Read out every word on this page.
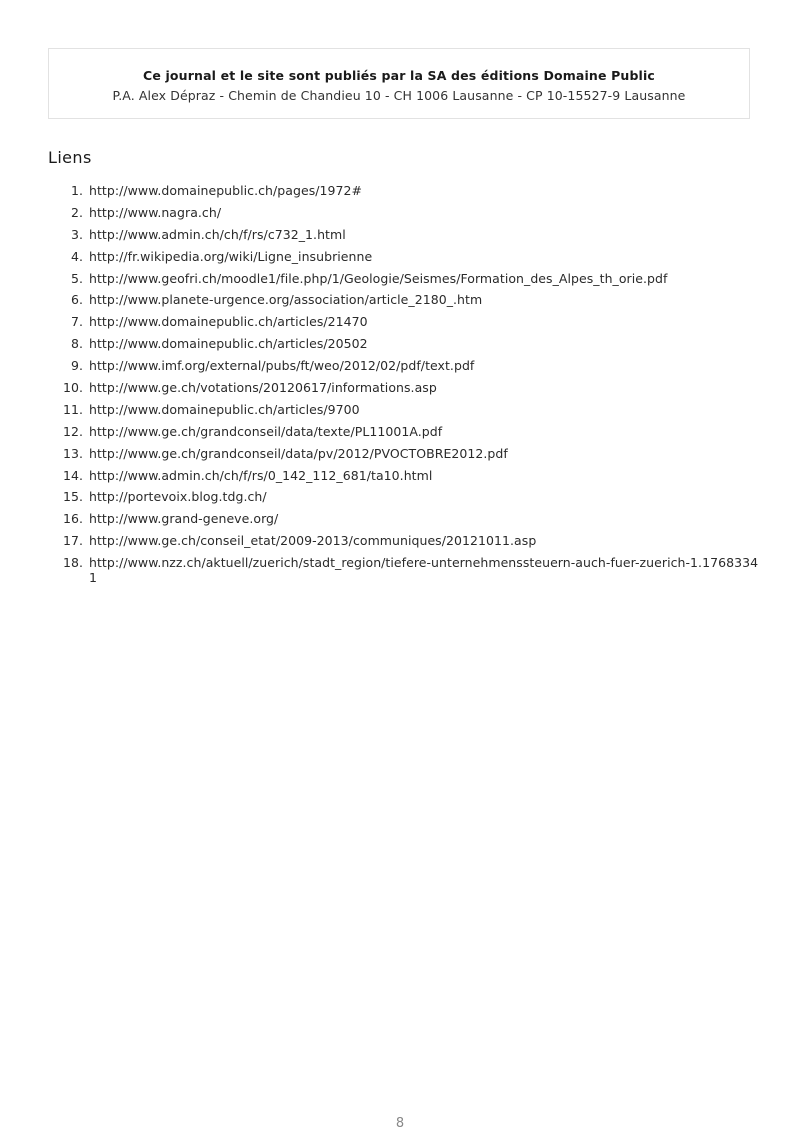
Ce journal et le site sont publiés par la SA des éditions Domaine Public
P.A. Alex Dépraz - Chemin de Chandieu 10 - CH 1006 Lausanne - CP 10-15527-9 Lausanne
Liens
1. http://www.domainepublic.ch/pages/1972#
2. http://www.nagra.ch/
3. http://www.admin.ch/ch/f/rs/c732_1.html
4. http://fr.wikipedia.org/wiki/Ligne_insubrienne
5. http://www.geofri.ch/moodle1/file.php/1/Geologie/Seismes/Formation_des_Alpes_th_orie.pdf
6. http://www.planete-urgence.org/association/article_2180_.htm
7. http://www.domainepublic.ch/articles/21470
8. http://www.domainepublic.ch/articles/20502
9. http://www.imf.org/external/pubs/ft/weo/2012/02/pdf/text.pdf
10. http://www.ge.ch/votations/20120617/informations.asp
11. http://www.domainepublic.ch/articles/9700
12. http://www.ge.ch/grandconseil/data/texte/PL11001A.pdf
13. http://www.ge.ch/grandconseil/data/pv/2012/PVOCTOBRE2012.pdf
14. http://www.admin.ch/ch/f/rs/0_142_112_681/ta10.html
15. http://portevoix.blog.tdg.ch/
16. http://www.grand-geneve.org/
17. http://www.ge.ch/conseil_etat/2009-2013/communiques/20121011.asp
18. http://www.nzz.ch/aktuell/zuerich/stadt_region/tiefere-unternehmenssteuern-auch-fuer-zuerich-1.17683341
8
